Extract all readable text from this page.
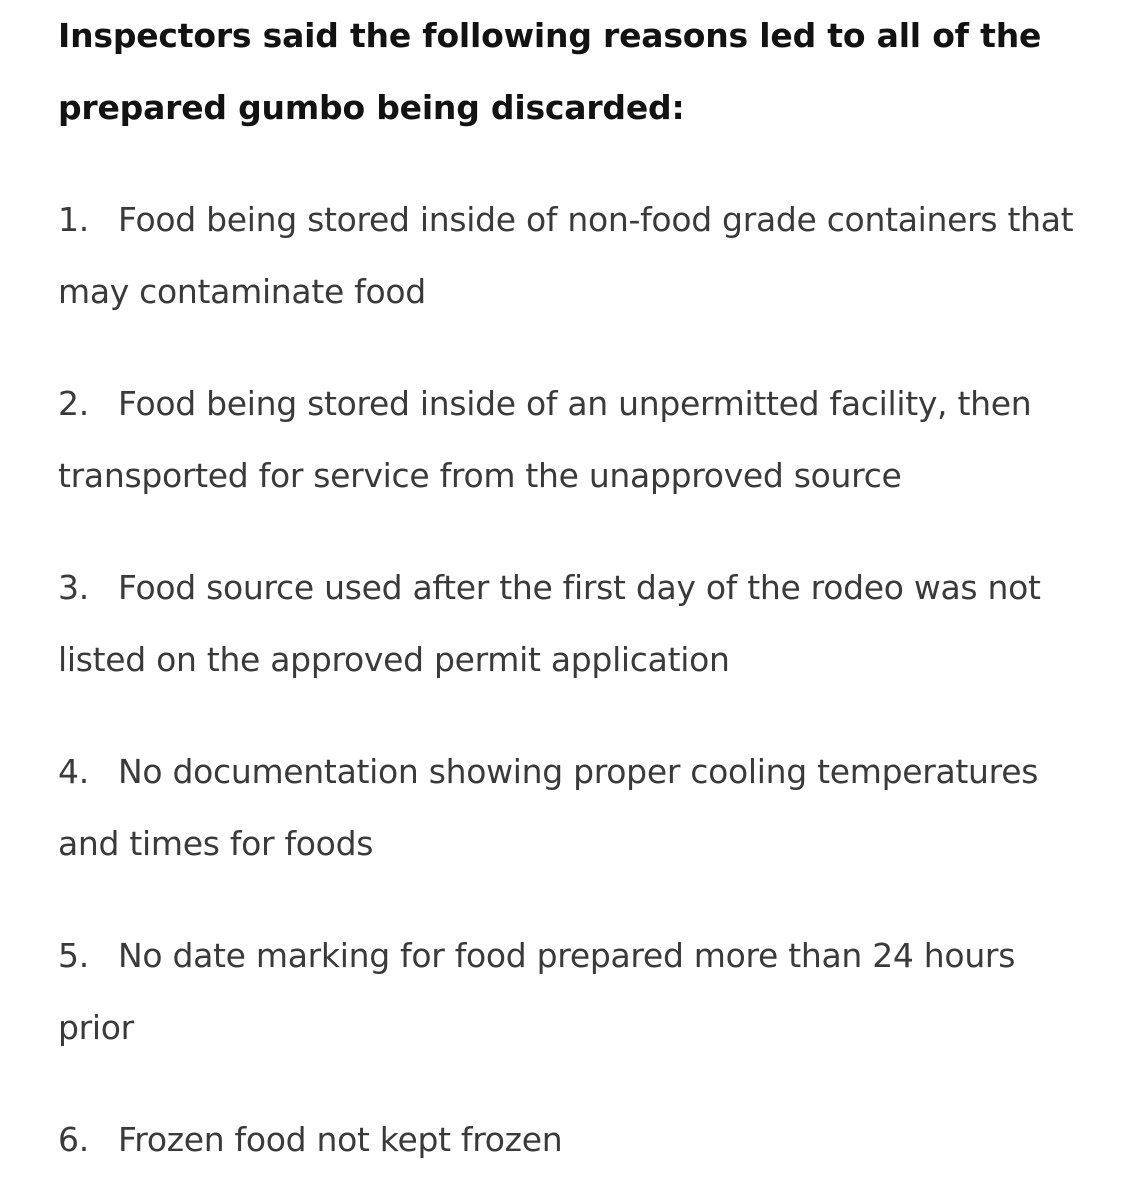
Inspectors said the following reasons led to all of the prepared gumbo being discarded:

1. Food being stored inside of non-food grade containers that may contaminate food
2. Food being stored inside of an unpermitted facility, then transported for service from the unapproved source
3. Food source used after the first day of the rodeo was not listed on the approved permit application
4. No documentation showing proper cooling temperatures and times for foods
5. No date marking for food prepared more than 24 hours prior
6. Frozen food not kept frozen
